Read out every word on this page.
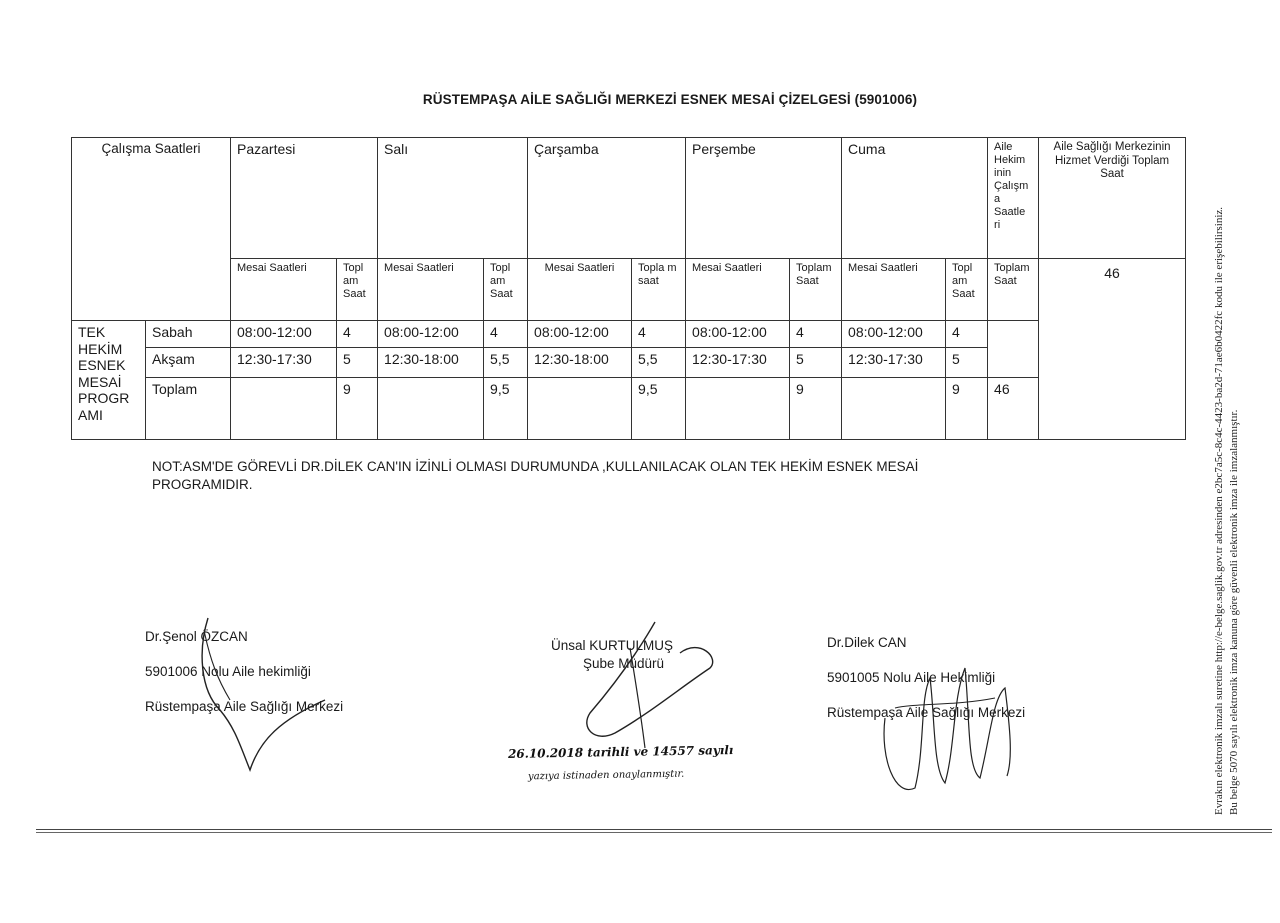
RÜSTEMPAŞA AİLE SAĞLIĞI MERKEZİ ESNEK MESAİ ÇİZELGESİ (5901006)
Çalışma Saatleri		Pazartesi		Salı		Çarşamba		Perşembe		Cuma		Aile Hekim inin Çalışm a Saatle ri	Aile Sağlığı Merkezinin Hizmet Verdiği Toplam Saat
		Mesai Saatleri	Topl am Saat	Mesai Saatleri	Topl am Saat	Mesai Saatleri	Topla m saat	Mesai Saatleri	Toplam Saat	Mesai Saatleri	Topl am Saat	Toplam Saat	46
TEK HEKİM ESNEK MESAİ PROGR AMI	Sabah	08:00-12:00	4	08:00-12:00	4	08:00-12:00	4	08:00-12:00	4	08:00-12:00	4		
	Akşam	12:30-17:30	5	12:30-18:00	5,5	12:30-18:00	5,5	12:30-17:30	5	12:30-17:30	5		
	Toplam		9		9,5		9,5		9		9	46	
NOT:ASM'DE GÖREVLİ DR.DİLEK CAN'IN İZİNLİ OLMASI DURUMUNDA ,KULLANILACAK OLAN TEK HEKİM ESNEK MESAİ PROGRAMIDIR.
Dr.Şenol ÖZCAN
5901006 Nolu Aile hekimliği
Rüstempaşa Aile Sağlığı Merkezi
Ünsal KURTULMUŞ
Şube Müdürü
26.10.2018 tarihli ve 14557 sayılı
yazıya istinaden onaylanmıştır.
Dr.Dilek CAN
5901005 Nolu Aile Hekimliği
Rüstempaşa Aile Sağlığı Merkezi	Evrakın elektronik imzalı suretine http://e-belge.saglik.gov.tr adresinden e2bc7a5c-8c4c-4423-ba2d-71ae6b0422fc kodu ile erişebilirsiniz. Bu belge 5070 sayılı elektronik imza kanuna göre güvenli elektronik imza ile imzalanmıştır.
